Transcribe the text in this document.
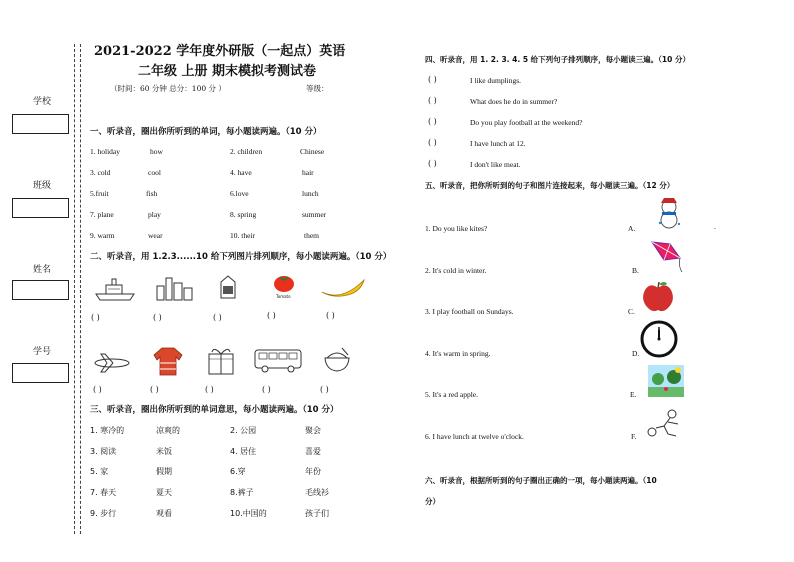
学校
班级
姓名
学号
2021-2022 学年度外研版（一起点）英语
二年级 上册 期末模拟考测试卷
（时间：60 分钟 总分：100 分 ）	等级：
一、听录音，圈出你所听到的单词，每小题读两遍。（10 分）
1. holiday	how	2. children	Chinese
3. cold	cool	4. have	hair
5.fruit	fish	6.love	lunch
7. plane	play	8. spring	summer
9. warm	wear	10. their	them
二、听录音，用 1.2.3......10 给下列图片排列顺序，每小题读两遍。（10 分）
Tomato
( )	( )	( )	( )	( )
( )	( )	( )	( )	( )
三、听录音，圈出你所听到的单词意思，每小题读两遍。（10 分）
1. 寒冷的	凉爽的	2. 公园	聚会
3. 阅读	米饭	4. 居住	喜爱
5. 家	假期	6.穿	年份
7. 春天	夏天	8.裤子	毛线衫
9. 步行	观看	10.中国的	孩子们
四、听录音，用 1. 2. 3. 4. 5 给下列句子排列顺序，每小题读三遍。（10 分）
( )	I like dumplings.
( )	What does he do in summer?
( )	Do you play football at the weekend?
( )	I have lunch at 12.
( )	I don't like meat.
五、听录音，把你所听到的句子和图片连接起来，每小题读三遍。（12 分）
1. Do you like kites?	A.	.
2. It's cold in winter.	B.
3. I play football on Sundays.	C.
4. It's warm in spring.	D.
5. It's a red apple.	E.
6. I have lunch at twelve o'clock.	F.
六、听录音，根据所听到的句子圈出正确的一项，每小题读两遍。（10
分）
